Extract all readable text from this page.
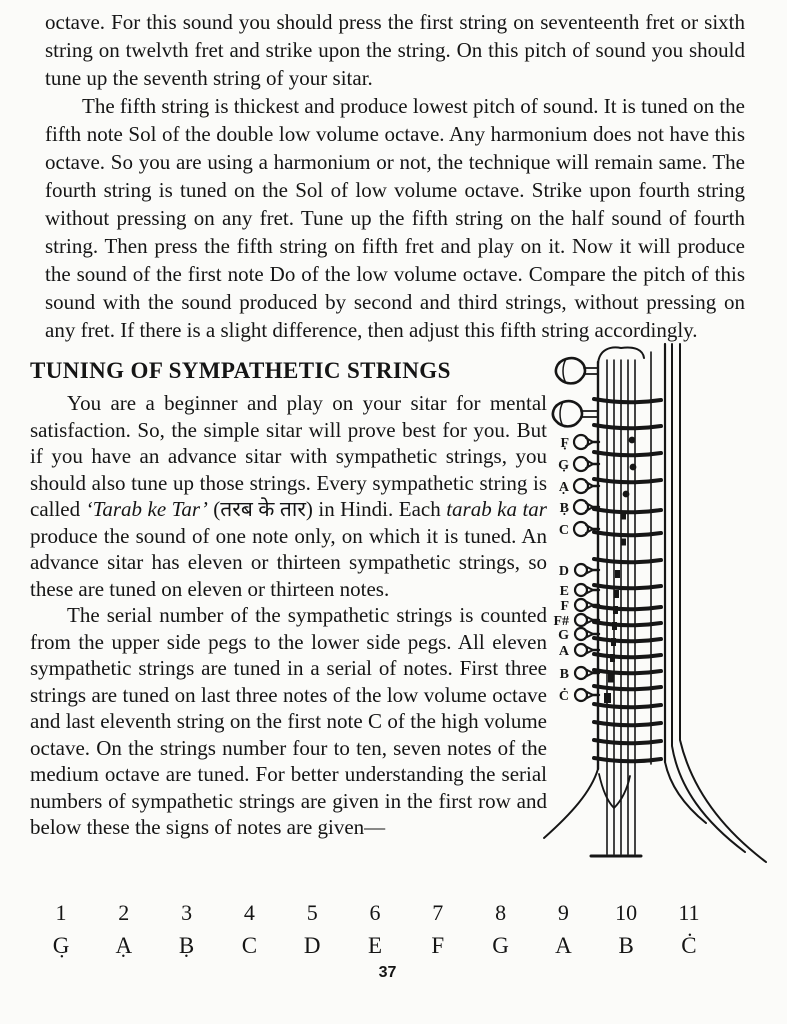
octave. For this sound you should press the first string on seventeenth fret or sixth string on twelvth fret and strike upon the string. On this pitch of sound you should tune up the seventh string of your sitar.

The fifth string is thickest and produce lowest pitch of sound. It is tuned on the fifth note Sol of the double low volume octave. Any harmonium does not have this octave. So you are using a harmonium or not, the technique will remain same. The fourth string is tuned on the Sol of low volume octave. Strike upon fourth string without pressing on any fret. Tune up the fifth string on the half sound of fourth string. Then press the fifth string on fifth fret and play on it. Now it will produce the sound of the first note Do of the low volume octave. Compare the pitch of this sound with the sound produced by second and third strings, without pressing on any fret. If there is a slight difference, then adjust this fifth string accordingly.

F̣
G̣
Ạ
Ḅ
C
D
E
F
F#
G
A
B
Ċ
TUNING OF SYMPATHETIC STRINGS

You are a beginner and play on your sitar for mental satisfaction. So, the simple sitar will prove best for you. But if you have an advance sitar with sympathetic strings, you should also tune up those strings. Every sympathetic string is called ‘Tarab ke Tar’ (तरब के तार) in Hindi. Each tarab ka tar produce the sound of one note only, on which it is tuned. An advance sitar has eleven or thirteen sympathetic strings, so these are tuned on eleven or thirteen notes.

The serial number of the sympathetic strings is counted from the upper side pegs to the lower side pegs. All eleven sympathetic strings are tuned in a serial of notes. First three strings are tuned on last three notes of the low volume octave and last eleventh string on the first note C of the high volume octave. On the strings number four to ten, seven notes of the medium octave are tuned. For better understanding the serial numbers of sympathetic strings are given in the first row and below these the signs of notes are given—

1
G̣
2
Ạ
3
Ḅ
4
C
5
D
6
E
7
F
8
G
9
A
10
B
11
Ċ
37
